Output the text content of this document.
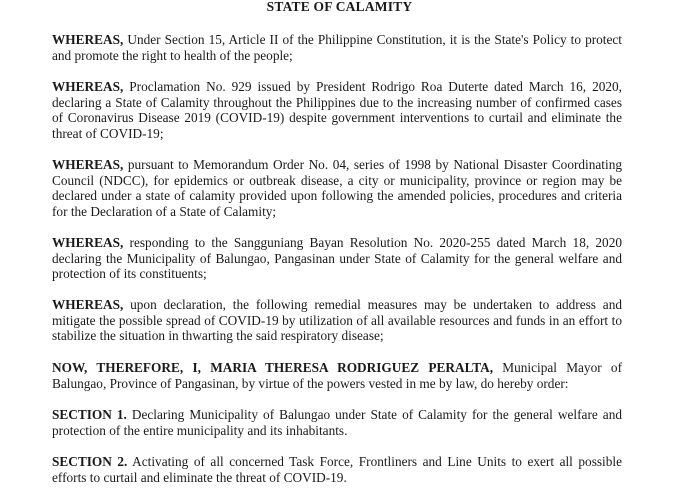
STATE OF CALAMITY

WHEREAS, Under Section 15, Article II of the Philippine Constitution, it is the State's Policy to protect and promote the right to health of the people;

WHEREAS, Proclamation No. 929 issued by President Rodrigo Roa Duterte dated March 16, 2020, declaring a State of Calamity throughout the Philippines due to the increasing number of confirmed cases of Coronavirus Disease 2019 (COVID-19) despite government interventions to curtail and eliminate the threat of COVID-19;

WHEREAS, pursuant to Memorandum Order No. 04, series of 1998 by National Disaster Coordinating Council (NDCC), for epidemics or outbreak disease, a city or municipality, province or region may be declared under a state of calamity provided upon following the amended policies, procedures and criteria for the Declaration of a State of Calamity;

WHEREAS, responding to the Sangguniang Bayan Resolution No. 2020-255 dated March 18, 2020 declaring the Municipality of Balungao, Pangasinan under State of Calamity for the general welfare and protection of its constituents;

WHEREAS, upon declaration, the following remedial measures may be undertaken to address and mitigate the possible spread of COVID-19 by utilization of all available resources and funds in an effort to stabilize the situation in thwarting the said respiratory disease;

NOW, THEREFORE, I, MARIA THERESA RODRIGUEZ PERALTA, Municipal Mayor of Balungao, Province of Pangasinan, by virtue of the powers vested in me by law, do hereby order:

SECTION 1. Declaring Municipality of Balungao under State of Calamity for the general welfare and protection of the entire municipality and its inhabitants.

SECTION 2. Activating of all concerned Task Force, Frontliners and Line Units to exert all possible efforts to curtail and eliminate the threat of COVID-19.
